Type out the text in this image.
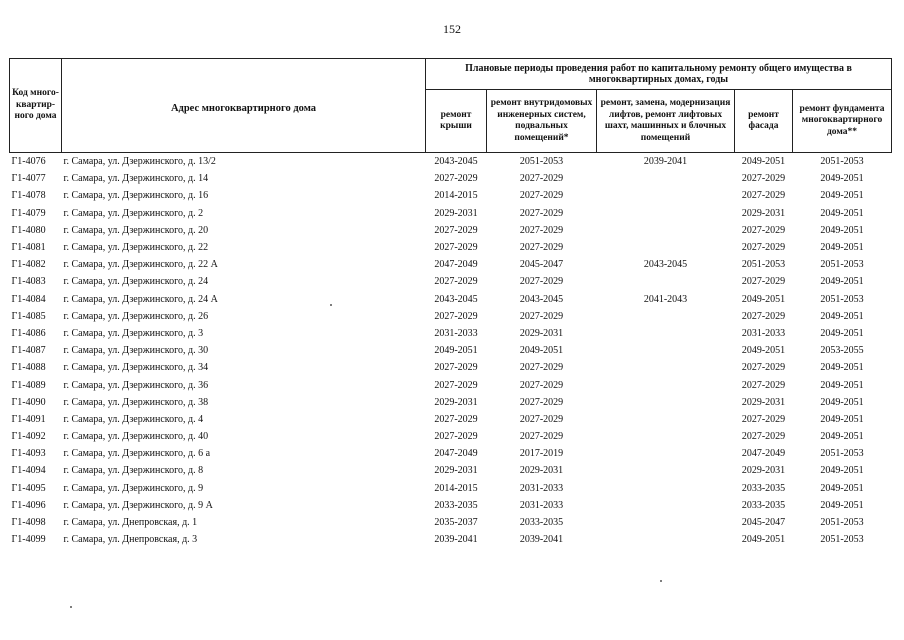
152
Код много-квартир-ного дома	Адрес многоквартирного дома	Плановые периоды проведения работ по капитальному ремонту общего имущества в многоквартирных домах, годы				
		ремонт крыши	ремонт внутридомовых инженерных систем, подвальных помещений*	ремонт, замена, модернизация лифтов, ремонт лифтовых шахт, машинных и блочных помещений	ремонт фасада	ремонт фундамента многоквартирного дома**
Г1-4076	г. Самара, ул. Дзержинского, д. 13/2	2043-2045	2051-2053	2039-2041	2049-2051	2051-2053
Г1-4077	г. Самара, ул. Дзержинского, д. 14	2027-2029	2027-2029		2027-2029	2049-2051
Г1-4078	г. Самара, ул. Дзержинского, д. 16	2014-2015	2027-2029		2027-2029	2049-2051
Г1-4079	г. Самара, ул. Дзержинского, д. 2	2029-2031	2027-2029		2029-2031	2049-2051
Г1-4080	г. Самара, ул. Дзержинского, д. 20	2027-2029	2027-2029		2027-2029	2049-2051
Г1-4081	г. Самара, ул. Дзержинского, д. 22	2027-2029	2027-2029		2027-2029	2049-2051
Г1-4082	г. Самара, ул. Дзержинского, д. 22 А	2047-2049	2045-2047	2043-2045	2051-2053	2051-2053
Г1-4083	г. Самара, ул. Дзержинского, д. 24	2027-2029	2027-2029		2027-2029	2049-2051
Г1-4084	г. Самара, ул. Дзержинского, д. 24 А	2043-2045	2043-2045	2041-2043	2049-2051	2051-2053
Г1-4085	г. Самара, ул. Дзержинского, д. 26	2027-2029	2027-2029		2027-2029	2049-2051
Г1-4086	г. Самара, ул. Дзержинского, д. 3	2031-2033	2029-2031		2031-2033	2049-2051
Г1-4087	г. Самара, ул. Дзержинского, д. 30	2049-2051	2049-2051		2049-2051	2053-2055
Г1-4088	г. Самара, ул. Дзержинского, д. 34	2027-2029	2027-2029		2027-2029	2049-2051
Г1-4089	г. Самара, ул. Дзержинского, д. 36	2027-2029	2027-2029		2027-2029	2049-2051
Г1-4090	г. Самара, ул. Дзержинского, д. 38	2029-2031	2027-2029		2029-2031	2049-2051
Г1-4091	г. Самара, ул. Дзержинского, д. 4	2027-2029	2027-2029		2027-2029	2049-2051
Г1-4092	г. Самара, ул. Дзержинского, д. 40	2027-2029	2027-2029		2027-2029	2049-2051
Г1-4093	г. Самара, ул. Дзержинского, д. 6 а	2047-2049	2017-2019		2047-2049	2051-2053
Г1-4094	г. Самара, ул. Дзержинского, д. 8	2029-2031	2029-2031		2029-2031	2049-2051
Г1-4095	г. Самара, ул. Дзержинского, д. 9	2014-2015	2031-2033		2033-2035	2049-2051
Г1-4096	г. Самара, ул. Дзержинского, д. 9 А	2033-2035	2031-2033		2033-2035	2049-2051
Г1-4098	г. Самара, ул. Днепровская, д. 1	2035-2037	2033-2035		2045-2047	2051-2053
Г1-4099	г. Самара, ул. Днепровская, д. 3	2039-2041	2039-2041		2049-2051	2051-2053
